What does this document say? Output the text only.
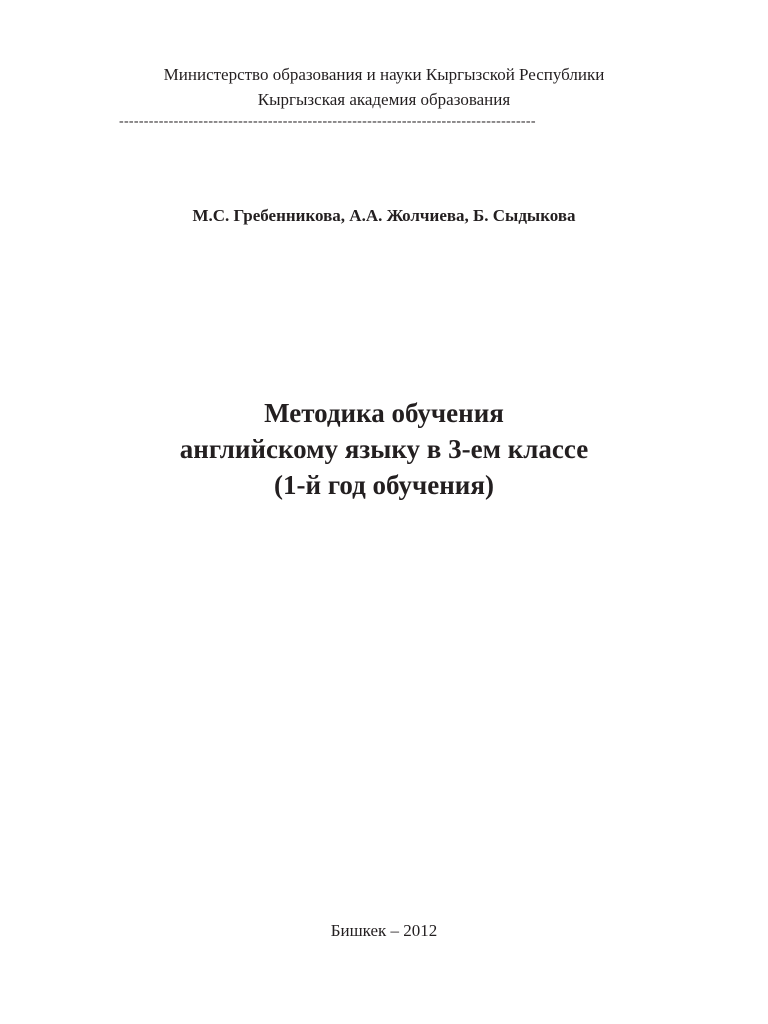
Министерство образования и науки Кыргызской Республики
Кыргызская академия образования
------------------------------------------------------------------------------------
М.С. Гребенникова, А.А. Жолчиева, Б. Сыдыкова
Методика обучения
английскому языку в 3-ем классе
(1-й год обучения)
Бишкек – 2012
